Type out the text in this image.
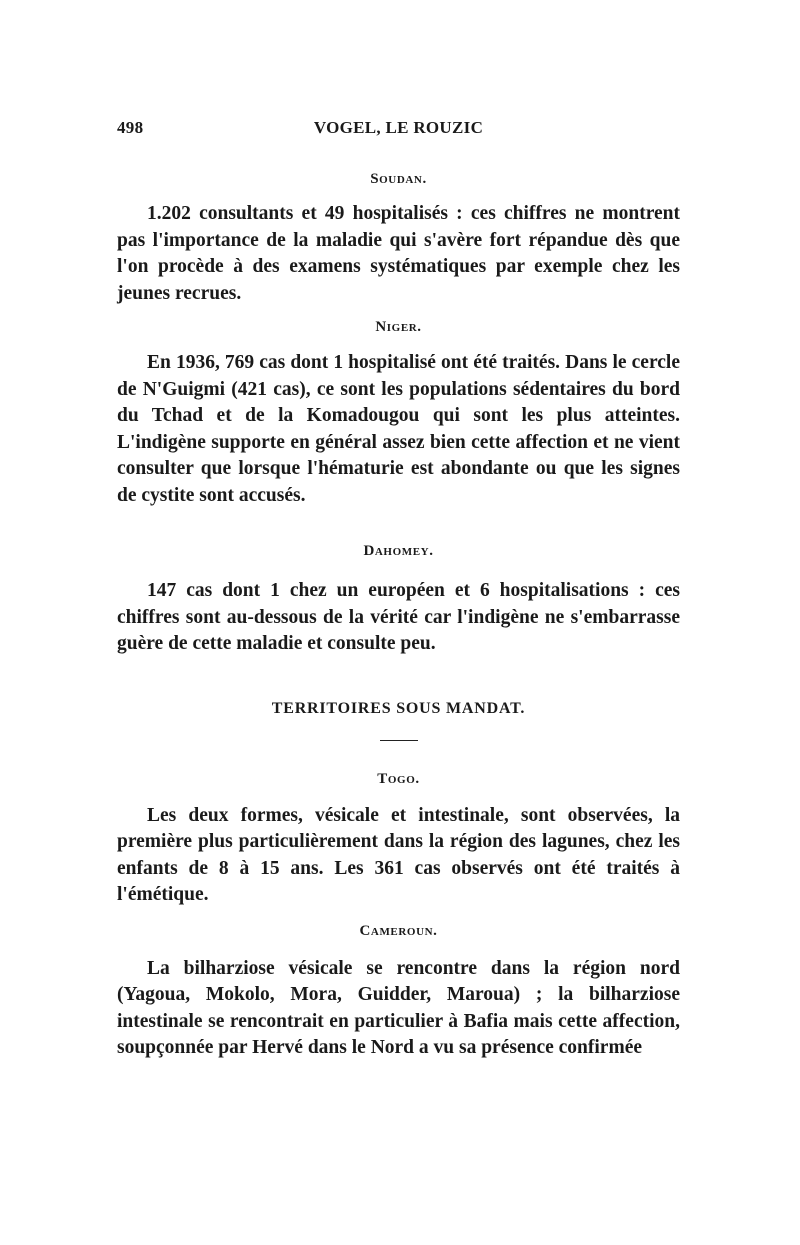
498	VOGEL, LE ROUZIC
Soudan.

1.202 consultants et 49 hospitalisés : ces chiffres ne montrent pas l'importance de la maladie qui s'avère fort répandue dès que l'on procède à des examens systématiques par exemple chez les jeunes recrues.

Niger.

En 1936, 769 cas dont 1 hospitalisé ont été traités. Dans le cercle de N'Guigmi (421 cas), ce sont les populations sédentaires du bord du Tchad et de la Komadougou qui sont les plus atteintes. L'indigène supporte en général assez bien cette affection et ne vient consulter que lorsque l'hématurie est abondante ou que les signes de cystite sont accusés.

Dahomey.

147 cas dont 1 chez un européen et 6 hospitalisations : ces chiffres sont au-dessous de la vérité car l'indigène ne s'embarrasse guère de cette maladie et consulte peu.

TERRITOIRES SOUS MANDAT.
Togo.

Les deux formes, vésicale et intestinale, sont observées, la première plus particulièrement dans la région des lagunes, chez les enfants de 8 à 15 ans. Les 361 cas observés ont été traités à l'émétique.

Cameroun.

La bilharziose vésicale se rencontre dans la région nord (Yagoua, Mokolo, Mora, Guidder, Maroua) ; la bilharziose intestinale se rencontrait en particulier à Bafia mais cette affection, soupçonnée par Hervé dans le Nord a vu sa présence confirmée
